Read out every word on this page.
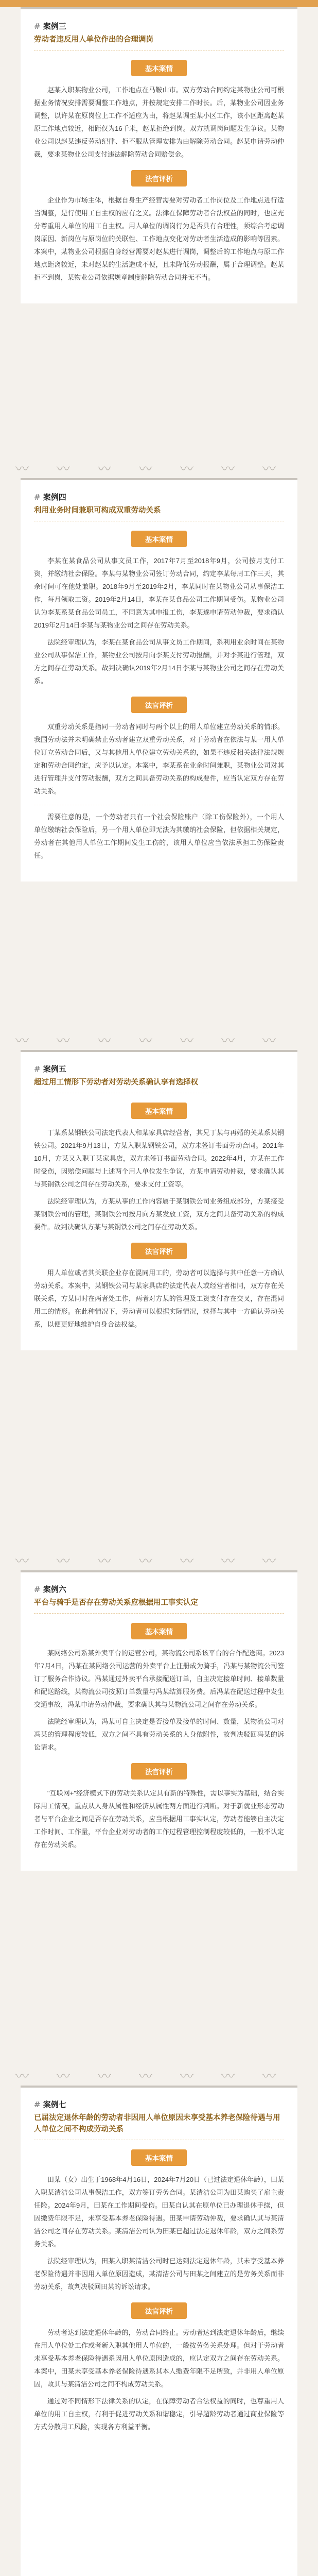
# 案例三
劳动者违反用人单位作出的合理调岗
基本案情

赵某入职某物业公司，工作地点在马鞍山市。双方劳动合同约定某物业公司可根据业务情况安排需要调整工作地点，并按规定安排工作时长。后，某物业公司因业务调整，以许某在原岗位上工作不适应为由，将赵某调至某小区工作，该小区距离赵某原工作地点较近，相距仅为16千米，赵某拒绝到岗。双方就调岗问题发生争议。某物业公司以赵某违反劳动纪律、拒不服从管理安排为由解除劳动合同。赵某申请劳动仲裁，要求某物业公司支付违法解除劳动合同赔偿金。

法官评析

企业作为市场主体，根据自身生产经营需要对劳动者工作岗位及工作地点进行适当调整，是行使用工自主权的应有之义。法律在保障劳动者合法权益的同时，也应充分尊重用人单位的用工自主权。用人单位的调岗行为是否具有合理性，须综合考虑调岗原因、新岗位与原岗位的关联性、工作地点变化对劳动者生活造成的影响等因素。本案中，某物业公司根据自身经营需要对赵某进行调岗，调整后的工作地点与原工作地点距离较近，未对赵某的生活造成不便，且未降低劳动报酬，属于合理调整。赵某拒不到岗，某物业公司依据规章制度解除劳动合同并无不当。

〰 〰 〰 〰 〰 〰 〰
# 案例四
利用业务时间兼职可构成双重劳动关系
基本案情

李某在某食品公司从事文员工作，2017年7月至2018年9月，公司按月支付工资，并缴纳社会保险。李某与某物业公司签订劳动合同，约定李某每周工作三天，其余时间可在他处兼职。2018年9月至2019年2月，李某同时在某物业公司从事保洁工作，每月领取工资。2019年2月14日，李某在某食品公司工作期间受伤。某物业公司认为李某系某食品公司员工，不同意为其申报工伤，李某遂申请劳动仲裁，要求确认2019年2月14日李某与某物业公司之间存在劳动关系。

法院经审理认为，李某在某食品公司从事文员工作期间，系利用业余时间在某物业公司从事保洁工作，某物业公司按月向李某支付劳动报酬，并对李某进行管理，双方之间存在劳动关系。故判决确认2019年2月14日李某与某物业公司之间存在劳动关系。

法官评析

双重劳动关系是指同一劳动者同时与两个以上的用人单位建立劳动关系的情形。我国劳动法并未明确禁止劳动者建立双重劳动关系，对于劳动者在依法与某一用人单位订立劳动合同后，又与其他用人单位建立劳动关系的，如果不违反相关法律法规规定和劳动合同约定，应予以认定。本案中，李某系在业余时间兼职，某物业公司对其进行管理并支付劳动报酬，双方之间具备劳动关系的构成要件，应当认定双方存在劳动关系。

需要注意的是，一个劳动者只有一个社会保险账户（除工伤保险外），一个用人单位缴纳社会保险后，另一个用人单位即无法为其缴纳社会保险，但依据相关规定，劳动者在其他用人单位工作期间发生工伤的，该用人单位应当依法承担工伤保险责任。

〰 〰 〰 〰 〰 〰 〰
# 案例五
超过用工情形下劳动者对劳动关系确认享有选择权
基本案情

丁某系某钢铁公司法定代表人和某家具店经营者，其兄丁某与再婚的关某系某钢铁公司。2021年9月13日，方某入职某钢铁公司，双方未签订书面劳动合同。2021年10月，方某又入职丁某家具店，双方未签订书面劳动合同。2022年4月，方某在工作时受伤，因赔偿问题与上述两个用人单位发生争议，方某申请劳动仲裁，要求确认其与某钢铁公司之间存在劳动关系，要求支付工资等。

法院经审理认为，方某从事的工作内容属于某钢铁公司业务组成部分，方某接受某钢铁公司的管理，某钢铁公司按月向方某发放工资，双方之间具备劳动关系的构成要件。故判决确认方某与某钢铁公司之间存在劳动关系。

法官评析

用人单位或者其关联企业存在混同用工的，劳动者可以选择与其中任意一方确认劳动关系。本案中，某钢铁公司与某家具店的法定代表人或经营者相同，双方存在关联关系，方某同时在两者处工作，两者对方某的管理及工资支付存在交叉，存在混同用工的情形。在此种情况下，劳动者可以根据实际情况，选择与其中一方确认劳动关系，以便更好地维护自身合法权益。

〰 〰 〰 〰 〰 〰 〰
# 案例六
平台与骑手是否存在劳动关系应根据用工事实认定
基本案情

某网络公司系某外卖平台的运营公司，某物流公司系该平台的合作配送商。2023年7月4日，冯某在某网络公司运营的外卖平台上注册成为骑手，冯某与某物流公司签订了服务合作协议。冯某通过外卖平台承接配送订单，自主决定接单时间、接单数量和配送路线，某物流公司按照订单数量与冯某结算服务费。后冯某在配送过程中发生交通事故，冯某申请劳动仲裁，要求确认其与某物流公司之间存在劳动关系。

法院经审理认为，冯某可自主决定是否接单及接单的时间、数量，某物流公司对冯某的管理程度较低，双方之间不具有劳动关系的人身依附性，故判决驳回冯某的诉讼请求。

法官评析

"互联网+"经济模式下的劳动关系认定具有新的特殊性，需以事实为基础，结合实际用工情况，重点从人身从属性和经济从属性两方面进行判断。对于新就业形态劳动者与平台企业之间是否存在劳动关系，应当根据用工事实认定，劳动者能够自主决定工作时间、工作量，平台企业对劳动者的工作过程管理控制程度较低的，一般不认定存在劳动关系。

〰 〰 〰 〰 〰 〰 〰
# 案例七
已届法定退休年龄的劳动者非因用人单位原因未享受基本养老保险待遇与用人单位之间不构成劳动关系
基本案情

田某（女）出生于1968年4月16日，2024年7月20日（已过法定退休年龄），田某入职某清洁公司从事保洁工作，双方签订劳务合同。某清洁公司为田某购买了雇主责任险。2024年9月，田某在工作期间受伤。田某自认其在原单位已办理退休手续，但因缴费年限不足，未享受基本养老保险待遇。田某申请劳动仲裁，要求确认其与某清洁公司之间存在劳动关系。某清洁公司认为田某已超过法定退休年龄，双方之间系劳务关系。

法院经审理认为，田某入职某清洁公司时已达到法定退休年龄，其未享受基本养老保险待遇并非因用人单位原因造成，某清洁公司与田某之间建立的是劳务关系而非劳动关系，故判决驳回田某的诉讼请求。

法官评析

劳动者达到法定退休年龄的，劳动合同终止。劳动者达到法定退休年龄后，继续在用人单位处工作或者新入职其他用人单位的，一般按劳务关系处理。但对于劳动者未享受基本养老保险待遇系因用人单位原因造成的，应认定双方之间存在劳动关系。本案中，田某未享受基本养老保险待遇系其本人缴费年限不足所致，并非用人单位原因，故其与某清洁公司之间不构成劳动关系。

通过对不同情形下法律关系的认定，在保障劳动者合法权益的同时，也尊重用人单位的用工自主权，有利于促进劳动关系和谐稳定，引导超龄劳动者通过商业保险等方式分散用工风险，实现各方利益平衡。
